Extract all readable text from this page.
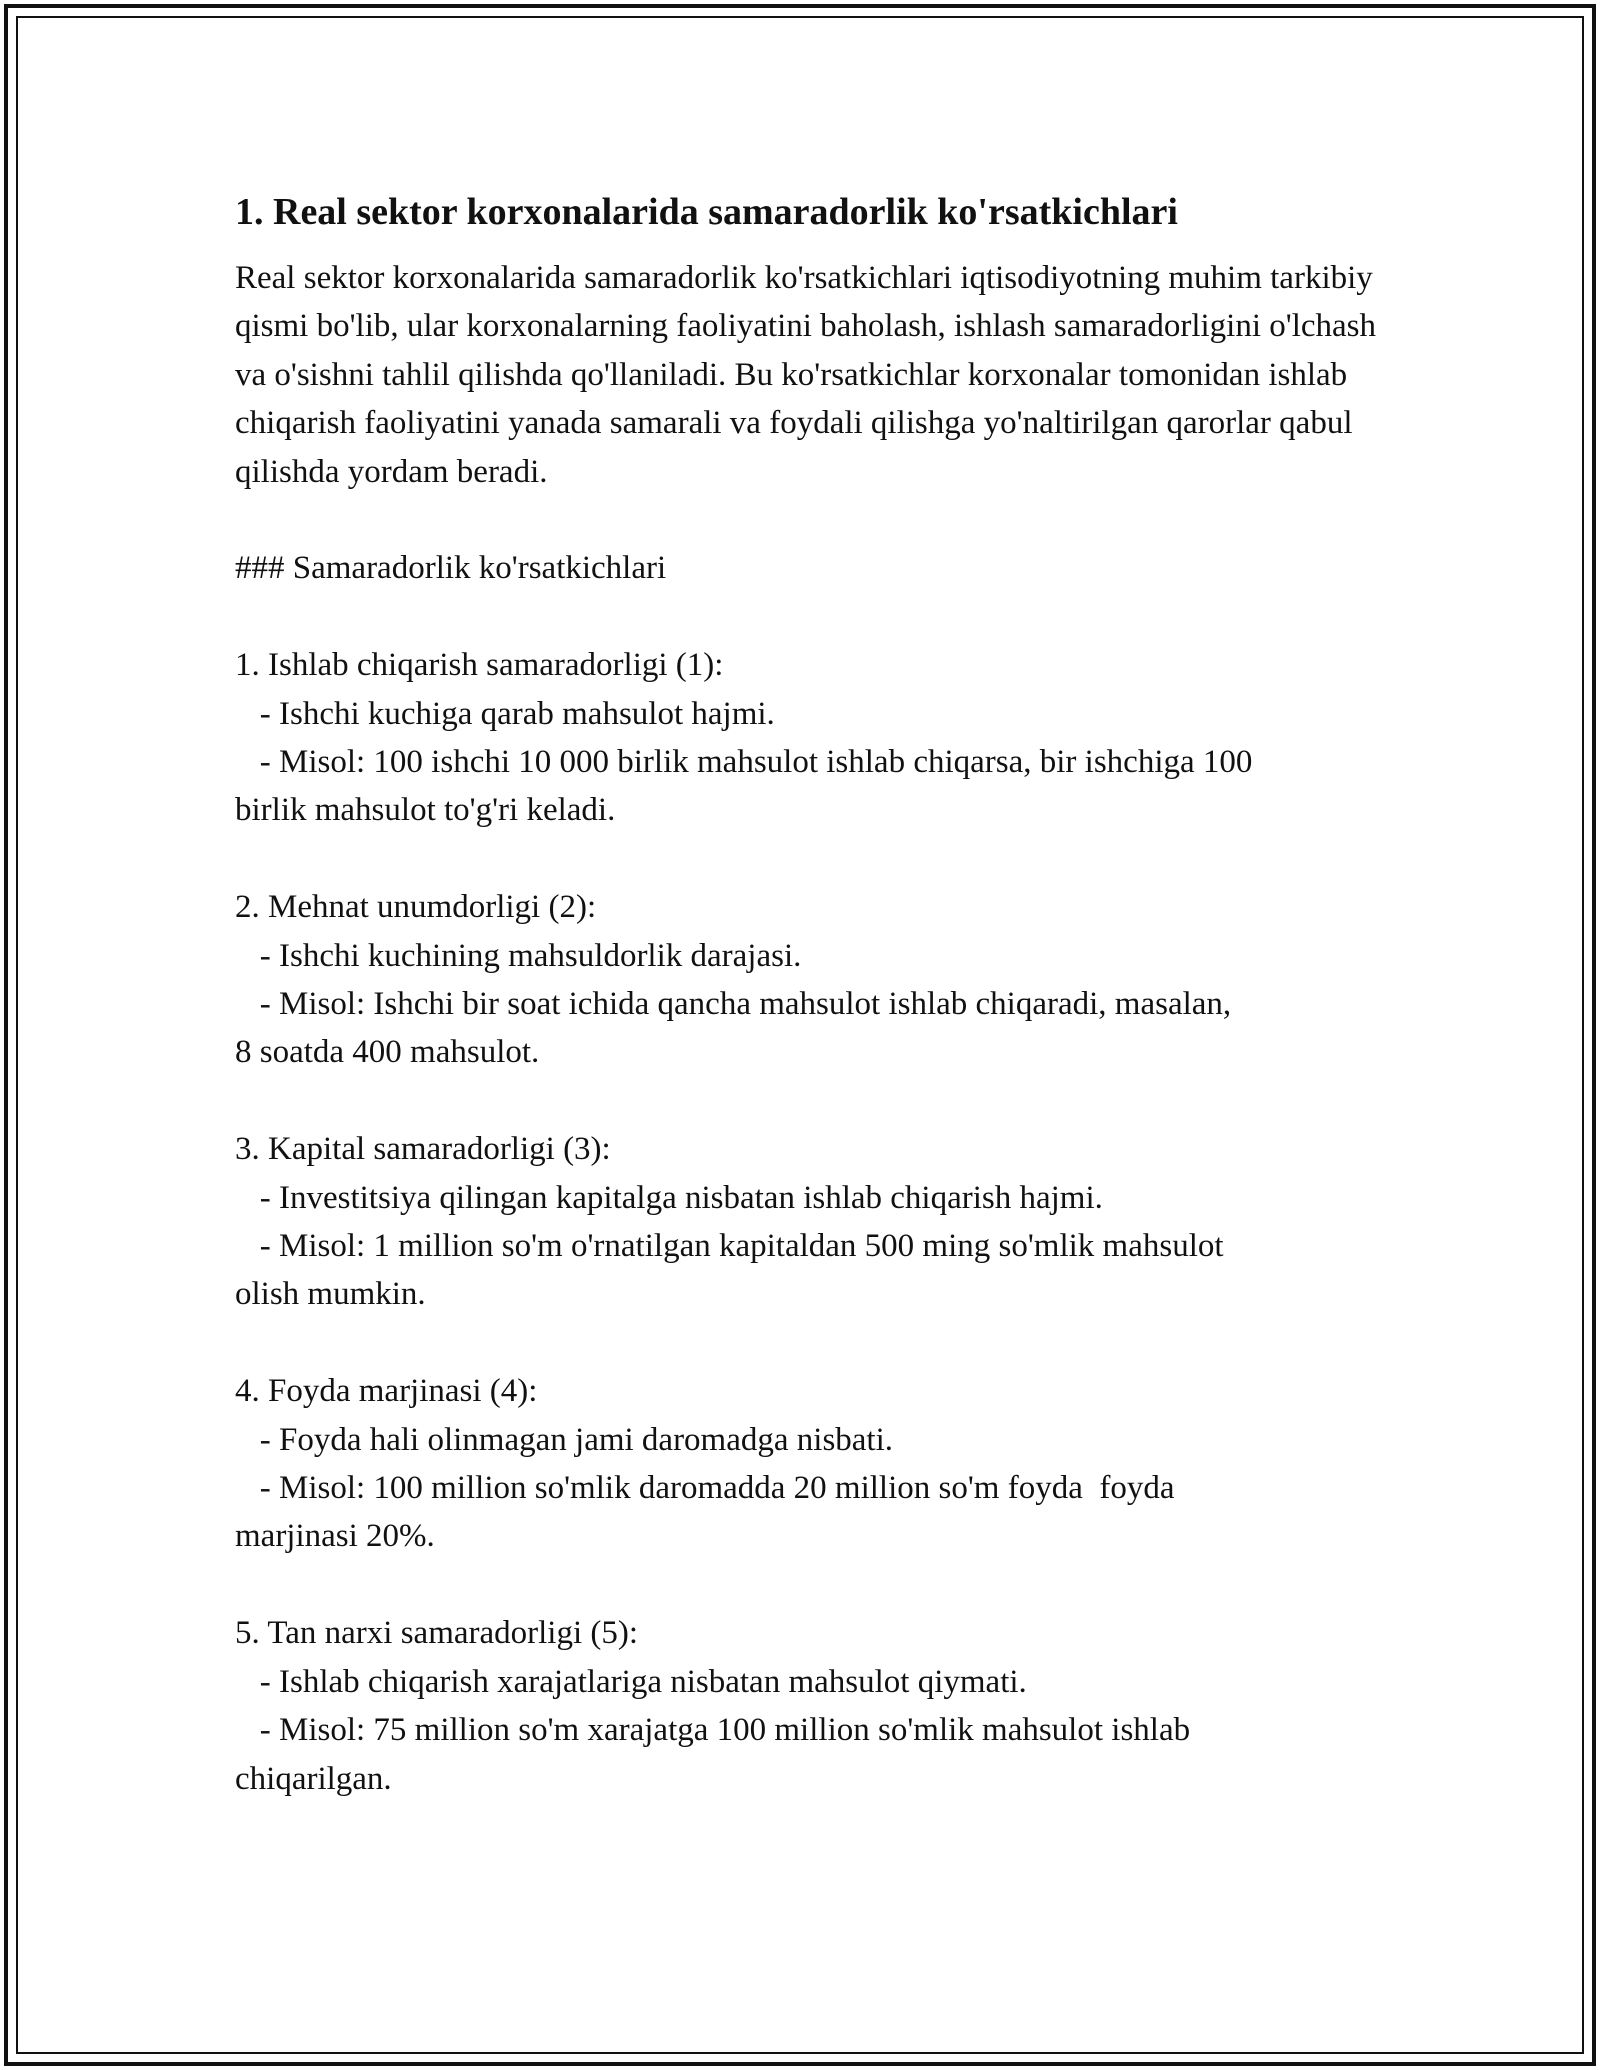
1. Real sektor korxonalarida samaradorlik ko'rsatkichlari

Real sektor korxonalarida samaradorlik ko'rsatkichlari iqtisodiyotning muhim tarkibiy qismi bo'lib, ular korxonalarning faoliyatini baholash, ishlash samaradorligini o'lchash va o'sishni tahlil qilishda qo'llaniladi. Bu ko'rsatkichlar korxonalar tomonidan ishlab chiqarish faoliyatini yanada samarali va foydali qilishga yo'naltirilgan qarorlar qabul qilishda yordam beradi.

### Samaradorlik ko'rsatkichlari

1. Ishlab chiqarish samaradorligi (1):

- Ishchi kuchiga qarab mahsulot hajmi.

- Misol: 100 ishchi 10 000 birlik mahsulot ishlab chiqarsa, bir ishchiga 100

birlik mahsulot to'g'ri keladi.

2. Mehnat unumdorligi (2):

- Ishchi kuchining mahsuldorlik darajasi.

- Misol: Ishchi bir soat ichida qancha mahsulot ishlab chiqaradi, masalan,

8 soatda 400 mahsulot.

3. Kapital samaradorligi (3):

- Investitsiya qilingan kapitalga nisbatan ishlab chiqarish hajmi.

- Misol: 1 million so'm o'rnatilgan kapitaldan 500 ming so'mlik mahsulot

olish mumkin.

4. Foyda marjinasi (4):

- Foyda hali olinmagan jami daromadga nisbati.

- Misol: 100 million so'mlik daromadda 20 million so'm foyda  foyda

marjinasi 20%.

5. Tan narxi samaradorligi (5):

- Ishlab chiqarish xarajatlariga nisbatan mahsulot qiymati.

- Misol: 75 million so'm xarajatga 100 million so'mlik mahsulot ishlab

chiqarilgan.
